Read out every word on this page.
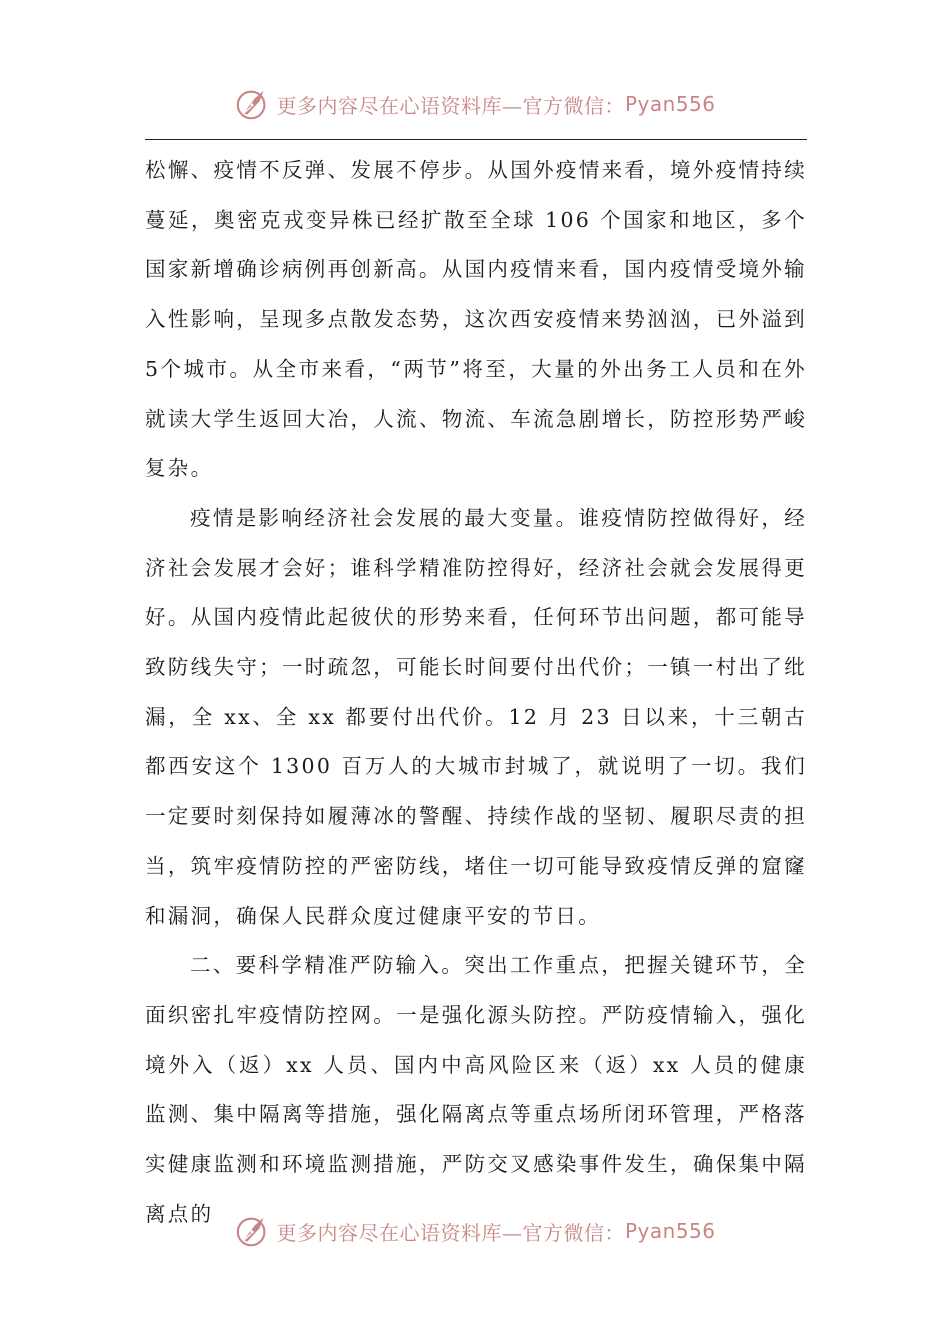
更多内容尽在心语资料库—官方微信： Pyan556

松懈、疫情不反弹、发展不停步。从国外疫情来看，境外疫情持续蔓延，奥密克戎变异株已经扩散至全球 106 个国家和地区，多个国家新增确诊病例再创新高。从国内疫情来看，国内疫情受境外输入性影响，呈现多点散发态势，这次西安疫情来势汹汹，已外溢到 5个城市。从全市来看，“两节”将至，大量的外出务工人员和在外就读大学生返回大冶，人流、物流、车流急剧增长，防控形势严峻复杂。

疫情是影响经济社会发展的最大变量。谁疫情防控做得好，经济社会发展才会好；谁科学精准防控得好，经济社会就会发展得更好。从国内疫情此起彼伏的形势来看，任何环节出问题，都可能导致防线失守；一时疏忽，可能长时间要付出代价；一镇一村出了纰漏，全 xx、全 xx 都要付出代价。12 月 23 日以来，十三朝古都西安这个 1300 百万人的大城市封城了，就说明了一切。我们一定要时刻保持如履薄冰的警醒、持续作战的坚韧、履职尽责的担当，筑牢疫情防控的严密防线，堵住一切可能导致疫情反弹的窟窿和漏洞，确保人民群众度过健康平安的节日。

二、要科学精准严防输入。突出工作重点，把握关键环节，全面织密扎牢疫情防控网。一是强化源头防控。严防疫情输入，强化境外入（返）xx 人员、国内中高风险区来（返）xx 人员的健康监测、集中隔离等措施，强化隔离点等重点场所闭环管理，严格落实健康监测和环境监测措施，严防交叉感染事件发生，确保集中隔离点的

更多内容尽在心语资料库—官方微信： Pyan556
